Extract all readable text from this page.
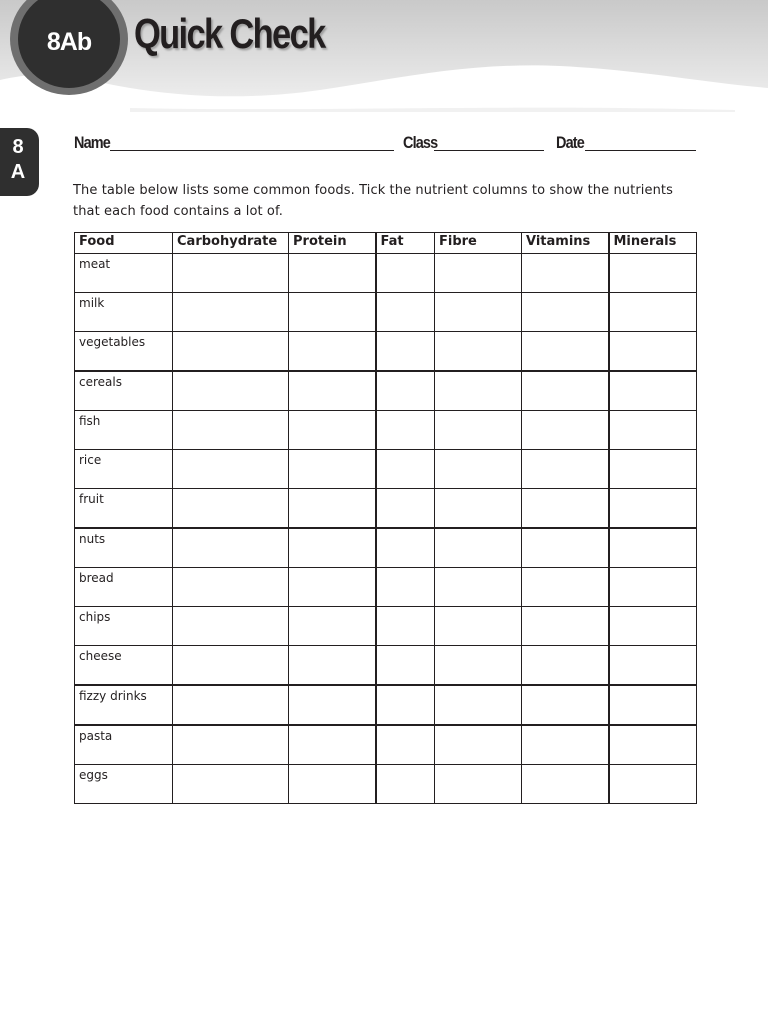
8Ab	Quick Check
8
A
Name	Class	Date

The table below lists some common foods. Tick the nutrient columns to show the nutrients that each food contains a lot of.

Food	Carbohydrate	Protein	Fat	Fibre	Vitamins	Minerals
meat						
milk						
vegetables						
cereals						
fish						
rice						
fruit						
nuts						
bread						
chips						
cheese						
fizzy drinks						
pasta						
eggs						
